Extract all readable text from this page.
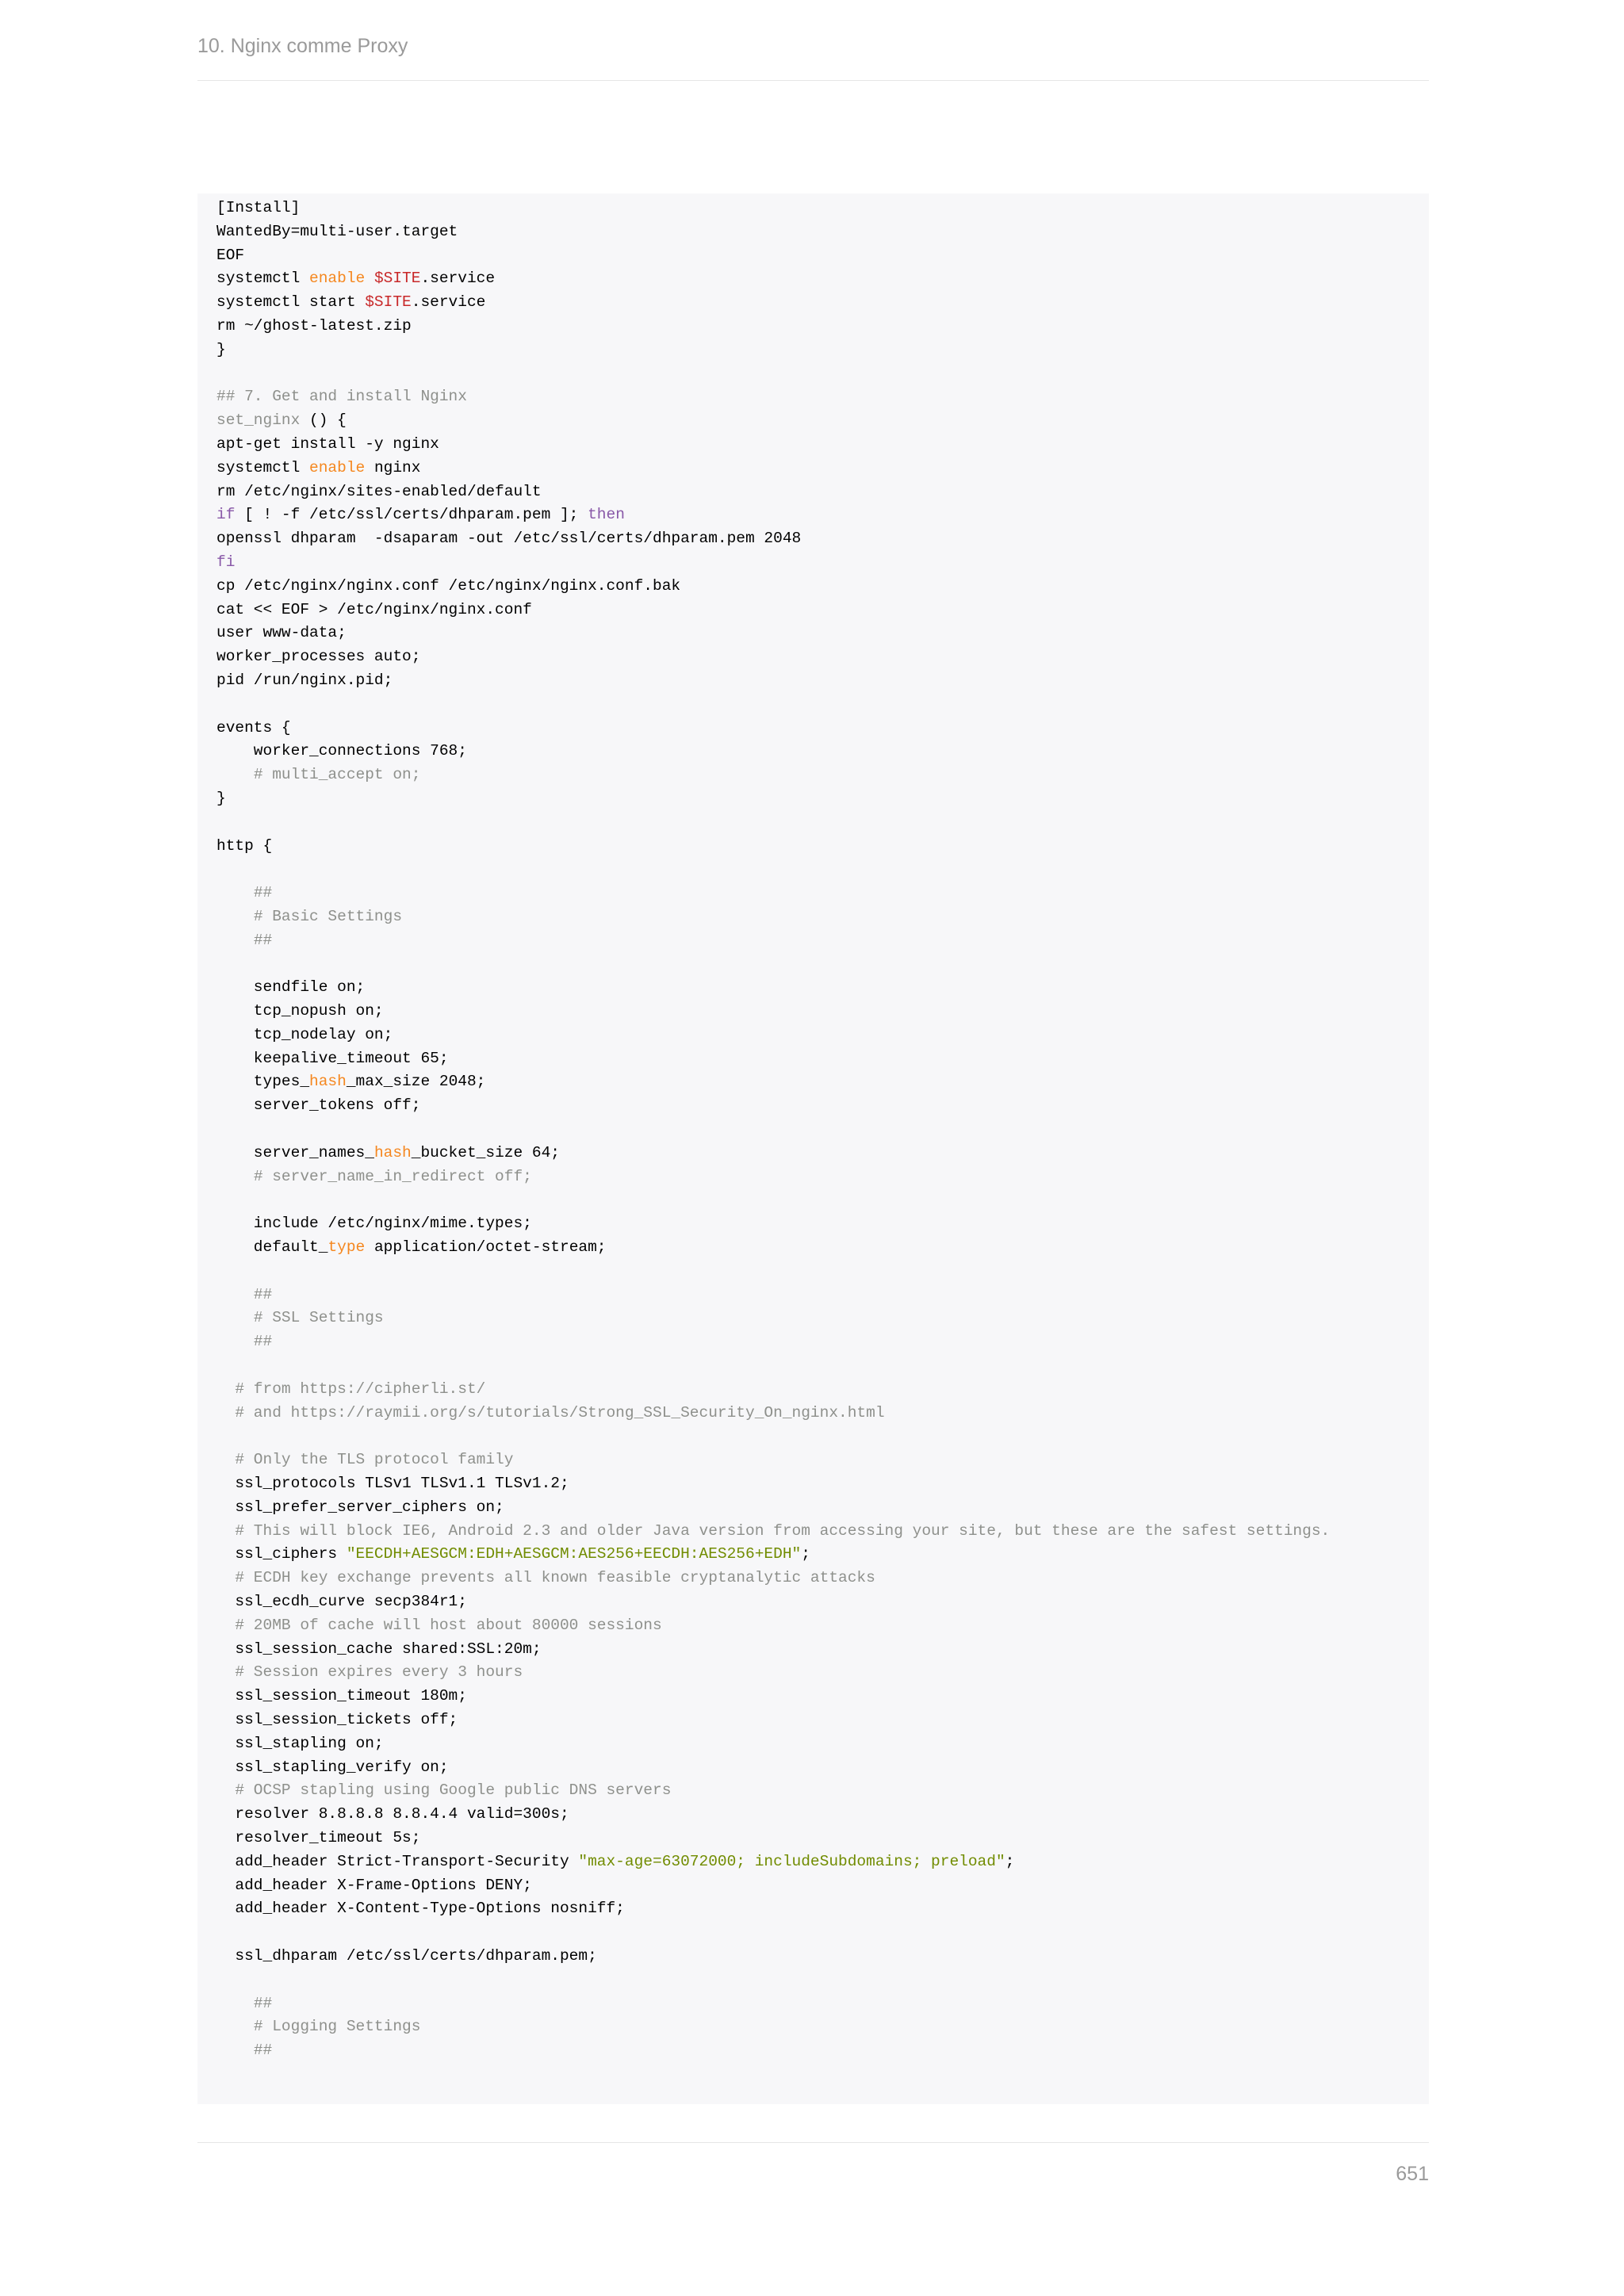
10. Nginx comme Proxy
[Install]
WantedBy=multi-user.target
EOF
systemctl enable $SITE.service
systemctl start $SITE.service
rm ~/ghost-latest.zip
}

## 7. Get and install Nginx
set_nginx () {
apt-get install -y nginx
systemctl enable nginx
rm /etc/nginx/sites-enabled/default
if [ ! -f /etc/ssl/certs/dhparam.pem ]; then
openssl dhparam  -dsaparam -out /etc/ssl/certs/dhparam.pem 2048
fi
cp /etc/nginx/nginx.conf /etc/nginx/nginx.conf.bak
cat << EOF > /etc/nginx/nginx.conf
user www-data;
worker_processes auto;
pid /run/nginx.pid;

events {
worker_connections 768;
# multi_accept on;
}

http {

##
# Basic Settings
##

sendfile on;
tcp_nopush on;
tcp_nodelay on;
keepalive_timeout 65;
types_hash_max_size 2048;
server_tokens off;

server_names_hash_bucket_size 64;
# server_name_in_redirect off;

include /etc/nginx/mime.types;
default_type application/octet-stream;

##
# SSL Settings
##

# from https://cipherli.st/
# and https://raymii.org/s/tutorials/Strong_SSL_Security_On_nginx.html

# Only the TLS protocol family
ssl_protocols TLSv1 TLSv1.1 TLSv1.2;
ssl_prefer_server_ciphers on;
# This will block IE6, Android 2.3 and older Java version from accessing your site, but these are the safest settings.
ssl_ciphers "EECDH+AESGCM:EDH+AESGCM:AES256+EECDH:AES256+EDH";
# ECDH key exchange prevents all known feasible cryptanalytic attacks
ssl_ecdh_curve secp384r1;
# 20MB of cache will host about 80000 sessions
ssl_session_cache shared:SSL:20m;
# Session expires every 3 hours
ssl_session_timeout 180m;
ssl_session_tickets off;
ssl_stapling on;
ssl_stapling_verify on;
# OCSP stapling using Google public DNS servers
resolver 8.8.8.8 8.8.4.4 valid=300s;
resolver_timeout 5s;
add_header Strict-Transport-Security "max-age=63072000; includeSubdomains; preload";
add_header X-Frame-Options DENY;
add_header X-Content-Type-Options nosniff;

ssl_dhparam /etc/ssl/certs/dhparam.pem;

##
# Logging Settings
##
651
